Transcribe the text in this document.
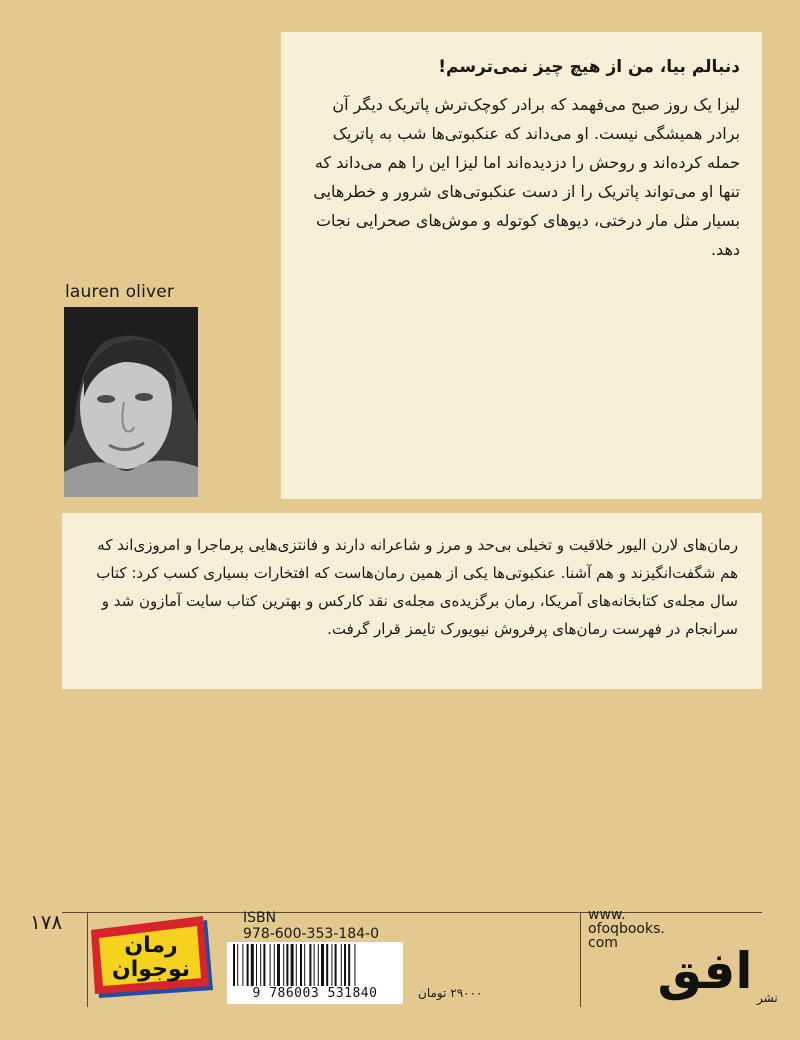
دنبالم بیا، من از هیچ چیز نمی‌ترسم!

لیزا یک روز صبح می‌فهمد که برادر کوچک‌ترش پاتریک دیگر آن برادر همیشگی نیست. او می‌داند که عنکبوتی‌ها شب به پاتریک حمله کرده‌اند و روحش را دزدیده‌اند اما لیزا این را هم می‌داند که تنها او می‌تواند پاتریک را از دست عنکبوتی‌های شرور و خطرهایی بسیار مثل مار درختی، دیوهای کوتوله و موش‌های صحرایی نجات دهد.

lauren oliver

رمان‌های لارن الیور خلاقیت و تخیلی بی‌حد و مرز و شاعرانه دارند و فانتزی‌هایی پرماجرا و امروزی‌اند که هم شگفت‌انگیزند و هم آشنا. عنکبوتی‌ها یکی از همین رمان‌هاست که افتخارات بسیاری کسب کرد: کتاب سال مجله‌ی کتابخانه‌های آمریکا، رمان برگزیده‌ی مجله‌ی نقد کارکس و بهترین کتاب سایت آمازون شد و سرانجام در فهرست رمان‌های پرفروش نیویورک تایمز قرار گرفت.

۱۷۸
رمان
نوجوان
ISBN
978-600-353-184-0
9 786003 531840	۲۹۰۰۰ تومان
www.
ofoqbooks.
com افق نشر
